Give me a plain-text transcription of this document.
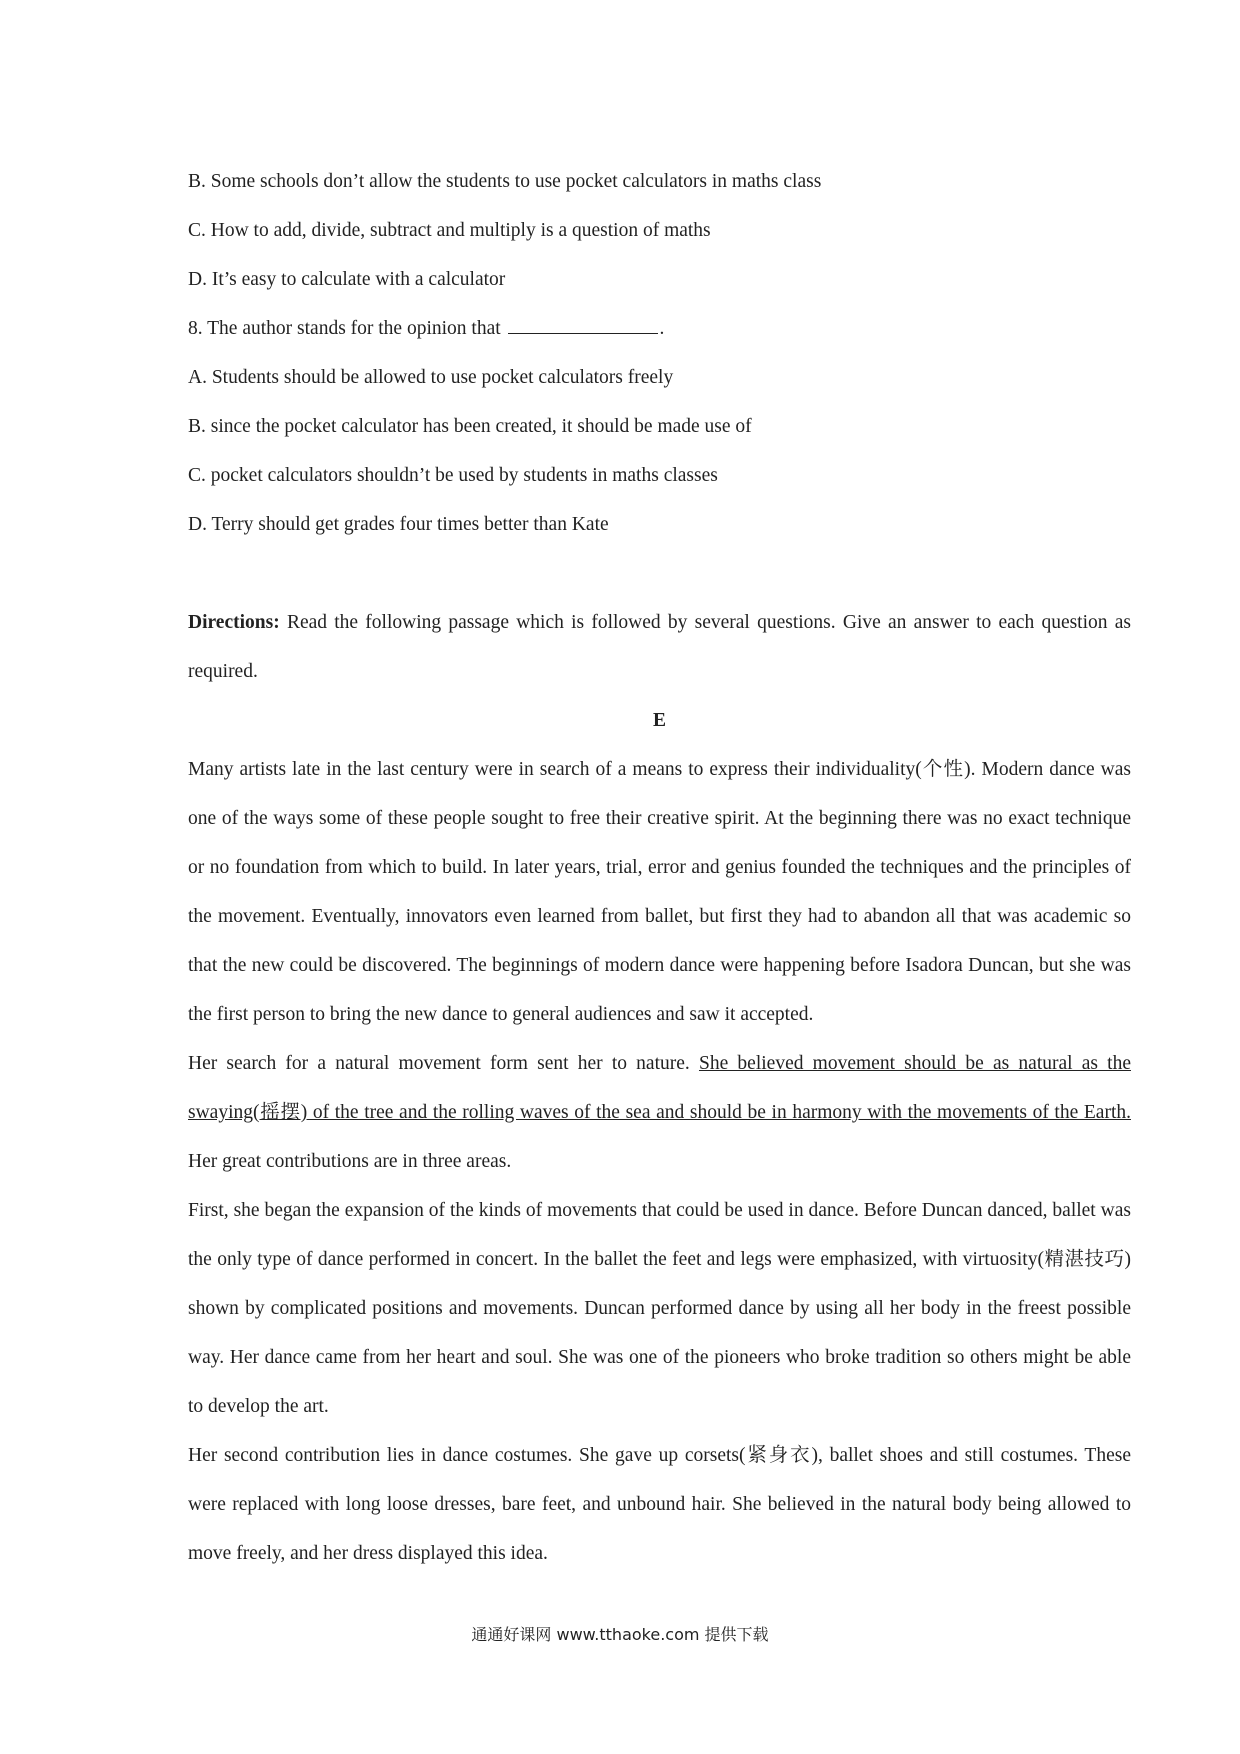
B. Some schools don’t allow the students to use pocket calculators in maths class
C. How to add, divide, subtract and multiply is a question of maths
D. It’s easy to calculate with a calculator
8. The author stands for the opinion that	.
A. Students should be allowed to use pocket calculators freely
B. since the pocket calculator has been created, it should be made use of
C. pocket calculators shouldn’t be used by students in maths classes
D. Terry should get grades four times better than Kate
Directions: Read the following passage which is followed by several questions. Give an answer to each question as required.
E
Many artists late in the last century were in search of a means to express their individuality(个性). Modern dance was one of the ways some of these people sought to free their creative spirit. At the beginning there was no exact technique or no foundation from which to build. In later years, trial, error and genius founded the techniques and the principles of the movement. Eventually, innovators even learned from ballet, but first they had to abandon all that was academic so that the new could be discovered. The beginnings of modern dance were happening before Isadora Duncan, but she was the first person to bring the new dance to general audiences and saw it accepted.
Her search for a natural movement form sent her to nature. She believed movement should be as natural as the swaying(摇摆) of the tree and the rolling waves of the sea and should be in harmony with the movements of the Earth. Her great contributions are in three areas.
First, she began the expansion of the kinds of movements that could be used in dance. Before Duncan danced, ballet was the only type of dance performed in concert. In the ballet the feet and legs were emphasized, with virtuosity(精湛技巧) shown by complicated positions and movements. Duncan performed dance by using all her body in the freest possible way. Her dance came from her heart and soul. She was one of the pioneers who broke tradition so others might be able to develop the art.
Her second contribution lies in dance costumes. She gave up corsets(紧身衣), ballet shoes and still costumes. These were replaced with long loose dresses, bare feet, and unbound hair. She believed in the natural body being allowed to move freely, and her dress displayed this idea.
通通好课网 www.tthaoke.com 提供下载
